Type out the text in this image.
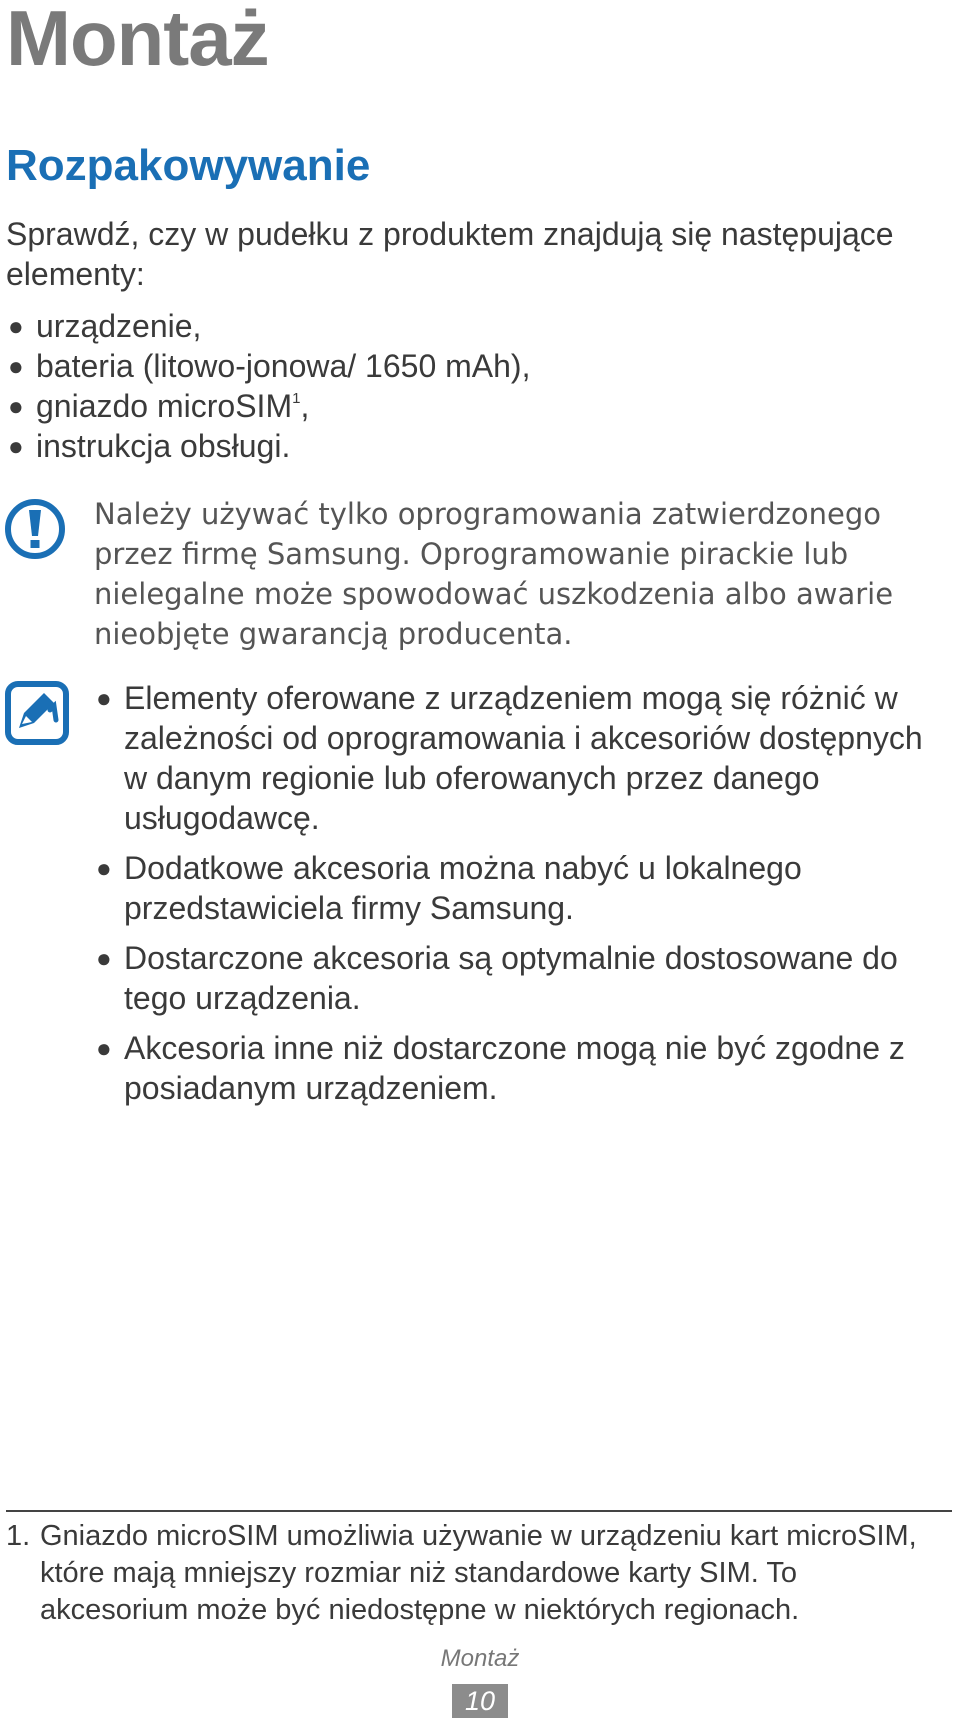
Montaż
Rozpakowywanie

Sprawdź, czy w pudełku z produktem znajdują się następujące elementy:

● urządzenie,
● bateria (litowo-jonowa/ 1650 mAh),
● gniazdo microSIM$^1$,
● instrukcja obsługi.

Należy używać tylko oprogramowania zatwierdzonego przez firmę Samsung. Oprogramowanie pirackie lub nielegalne może spowodować uszkodzenia albo awarie nieobjęte gwarancją producenta.

● Elementy oferowane z urządzeniem mogą się różnić w zależności od oprogramowania i akcesoriów dostępnych w danym regionie lub oferowanych przez danego usługodawcę.
● Dodatkowe akcesoria można nabyć u lokalnego przedstawiciela firmy Samsung.
● Dostarczone akcesoria są optymalnie dostosowane do tego urządzenia.
● Akcesoria inne niż dostarczone mogą nie być zgodne z posiadanym urządzeniem.

1. Gniazdo microSIM umożliwia używanie w urządzeniu kart microSIM, które mają mniejszy rozmiar niż standardowe karty SIM. To akcesorium może być niedostępne w niektórych regionach.

Montaż
10
